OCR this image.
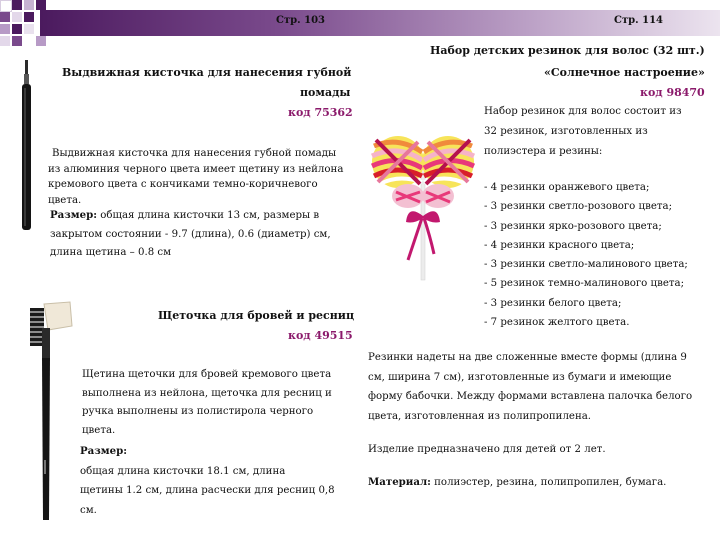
Стр. 103	Стр. 114
Выдвижная кисточка для нанесения губной
помады
код 75362
Выдвижная кисточка для нанесения губной помады из алюминия черного цвета имеет щетину из нейлона кремового цвета с кончиками темно-коричневого цвета.
Размер: общая длина кисточки 13 см, размеры в
закрытом состоянии - 9.7 (длина), 0.6 (диаметр) см,
длина щетина – 0.8 см
Щеточка для бровей и ресниц
код 49515
Щетина щеточки для бровей кремового цвета
выполнена из нейлона, щеточка для ресниц и
ручка выполнены из полистирола черного
цвета.
Размер:
общая длина кисточки 18.1 см, длина
щетины 1.2 см, длина расчески для ресниц 0,8
см.
Набор детских резинок для волос (32 шт.)
«Солнечное настроение»
код 98470
Набор резинок для волос состоит из
32 резинок, изготовленных из
полиэстера и резины:
- 4 резинки оранжевого цвета;
- 3 резинки светло-розового цвета;
- 3 резинки ярко-розового цвета;
- 4 резинки красного цвета;
- 3 резинки светло-малинового цвета;
- 5 резинок темно-малинового цвета;
- 3 резинки белого цвета;
- 7 резинок желтого цвета.
Резинки надеты на две сложенные вместе формы (длина 9
см, ширина 7 см), изготовленные из бумаги и имеющие
форму бабочки. Между формами вставлена палочка белого
цвета, изготовленная из полипропилена.
Изделие предназначено для детей от 2 лет.
Материал: полиэстер, резина, полипропилен, бумага.
